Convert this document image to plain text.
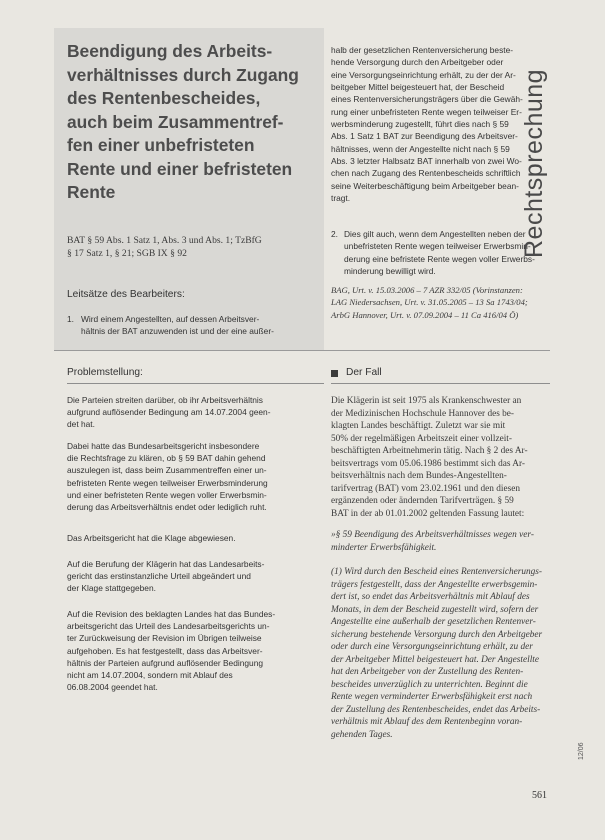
Beendigung des Arbeits-
verhältnisses durch Zugang
des Rentenbescheides,
auch beim Zusammentref-
fen einer unbefristeten
Rente und einer befristeten
Rente
BAT § 59 Abs. 1 Satz 1, Abs. 3 und Abs. 1; TzBfG
§ 17 Satz 1, § 21; SGB IX § 92
Leitsätze des Bearbeiters:
1. Wird einem Angestellten, auf dessen Arbeitsver-
hältnis der BAT anzuwenden ist und der eine außer-
halb der gesetzlichen Rentenversicherung beste-
hende Versorgung durch den Arbeitgeber oder
eine Versorgungseinrichtung erhält, zu der der Ar-
beitgeber Mittel beigesteuert hat, der Bescheid
eines Rentenversicherungsträgers über die Gewäh-
rung einer unbefristeten Rente wegen teilweiser Er-
werbsminderung zugestellt, führt dies nach § 59
Abs. 1 Satz 1 BAT zur Beendigung des Arbeitsver-
hältnisses, wenn der Angestellte nicht nach § 59
Abs. 3 letzter Halbsatz BAT innerhalb von zwei Wo-
chen nach Zugang des Rentenbescheids schriftlich
seine Weiterbeschäftigung beim Arbeitgeber bean-
tragt.
2. Dies gilt auch, wenn dem Angestellten neben der
unbefristeten Rente wegen teilweiser Erwerbsmin-
derung eine befristete Rente wegen voller Erwerbs-
minderung bewilligt wird.
BAG, Urt. v. 15.03.2006 – 7 AZR 332/05 (Vorinstanzen:
LAG Niedersachsen, Urt. v. 31.05.2005 – 13 Sa 1743/04;
ArbG Hannover, Urt. v. 07.09.2004 – 11 Ca 416/04 Ö)
Rechtsprechung
Problemstellung:
Die Parteien streiten darüber, ob ihr Arbeitsverhältnis
aufgrund auflösender Bedingung am 14.07.2004 geen-
det hat.
Dabei hatte das Bundesarbeitsgericht insbesondere
die Rechtsfrage zu klären, ob § 59 BAT dahin gehend
auszulegen ist, dass beim Zusammentreffen einer un-
befristeten Rente wegen teilweiser Erwerbsminderung
und einer befristeten Rente wegen voller Erwerbsmin-
derung das Arbeitsverhältnis endet oder lediglich ruht.
Das Arbeitsgericht hat die Klage abgewiesen.
Auf die Berufung der Klägerin hat das Landesarbeits-
gericht das erstinstanzliche Urteil abgeändert und
der Klage stattgegeben.
Auf die Revision des beklagten Landes hat das Bundes-
arbeitsgericht das Urteil des Landesarbeitsgerichts un-
ter Zurückweisung der Revision im Übrigen teilweise
aufgehoben. Es hat festgestellt, dass das Arbeitsver-
hältnis der Parteien aufgrund auflösender Bedingung
nicht am 14.07.2004, sondern mit Ablauf des
06.08.2004 geendet hat.
Der Fall
Die Klägerin ist seit 1975 als Krankenschwester an
der Medizinischen Hochschule Hannover des be-
klagten Landes beschäftigt. Zuletzt war sie mit
50% der regelmäßigen Arbeitszeit einer vollzeit-
beschäftigten Arbeitnehmerin tätig. Nach § 2 des Ar-
beitsvertrags vom 05.06.1986 bestimmt sich das Ar-
beitsverhältnis nach dem Bundes-Angestellten-
tarifvertrag (BAT) vom 23.02.1961 und den diesen
ergänzenden oder ändernden Tarifverträgen. § 59
BAT in der ab 01.01.2002 geltenden Fassung lautet:
»§ 59 Beendigung des Arbeitsverhältnisses wegen ver-
minderter Erwerbsfähigkeit.
(1) Wird durch den Bescheid eines Rentenversicherungs-
trägers festgestellt, dass der Angestellte erwerbsgemin-
dert ist, so endet das Arbeitsverhältnis mit Ablauf des
Monats, in dem der Bescheid zugestellt wird, sofern der
Angestellte eine außerhalb der gesetzlichen Rentenver-
sicherung bestehende Versorgung durch den Arbeitgeber
oder durch eine Versorgungseinrichtung erhält, zu der
der Arbeitgeber Mittel beigesteuert hat. Der Angestellte
hat den Arbeitgeber von der Zustellung des Renten-
bescheides unverzüglich zu unterrichten. Beginnt die
Rente wegen verminderter Erwerbsfähigkeit erst nach
der Zustellung des Rentenbescheides, endet das Arbeits-
verhältnis mit Ablauf des dem Rentenbeginn voran-
gehenden Tages.
12/06
561
